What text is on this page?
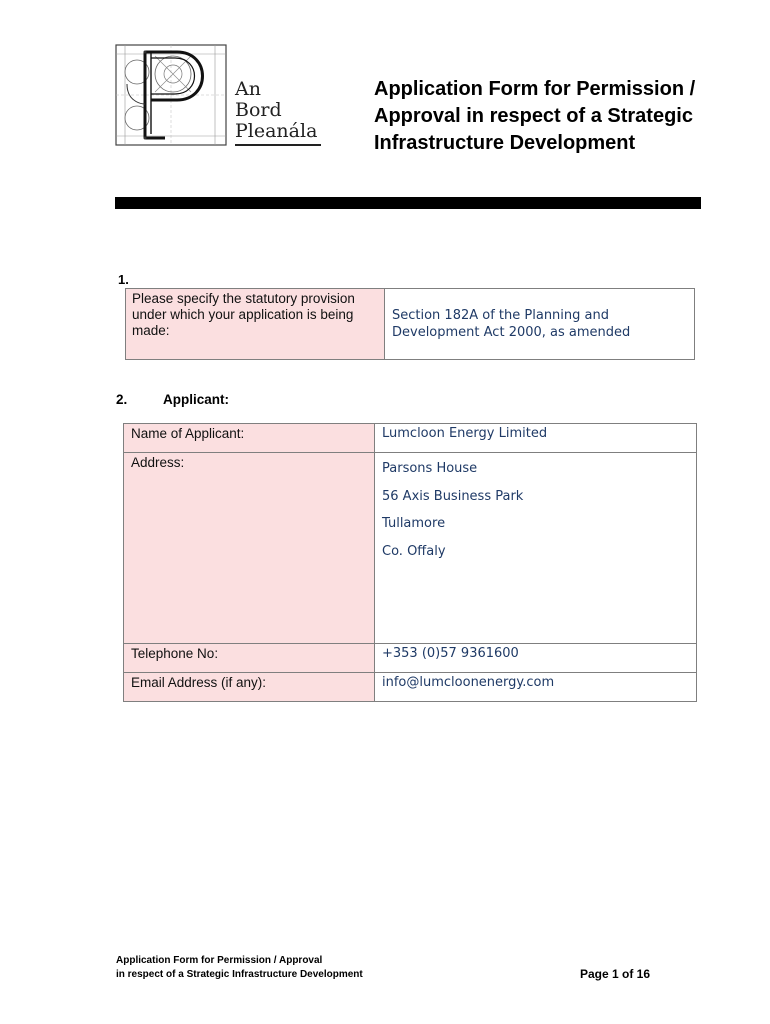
An
Bord
Pleanála
Application Form for Permission / Approval in respect of a Strategic Infrastructure Development
1.
Please specify the statutory provision under which your application is being made:	Section 182A of the Planning and Development Act 2000, as amended
2.	Applicant:
Name of Applicant:	Lumcloon Energy Limited
Address:	Parsons House
56 Axis Business Park
Tullamore
Co. Offaly

Telephone No:	+353 (0)57 9361600
Email Address (if any):	info@lumcloonenergy.com
Application Form for Permission / Approval
in respect of a Strategic Infrastructure Development	Page 1 of 16
